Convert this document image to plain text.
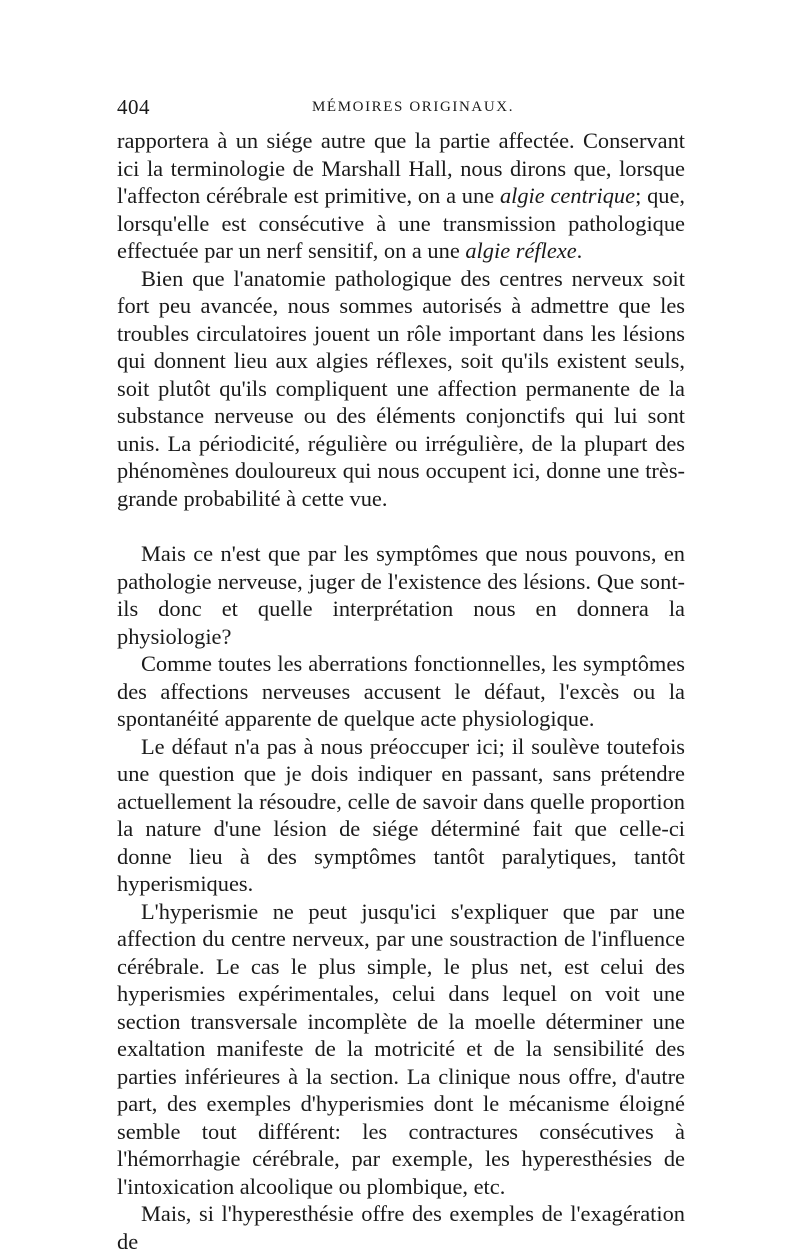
404	MÉMOIRES ORIGINAUX.

rapportera à un siége autre que la partie affectée. Conservant ici la terminologie de Marshall Hall, nous dirons que, lorsque l'affecton cérébrale est primitive, on a une algie centrique; que, lorsqu'elle est consécutive à une transmission pathologique effectuée par un nerf sensitif, on a une algie réflexe.

Bien que l'anatomie pathologique des centres nerveux soit fort peu avancée, nous sommes autorisés à admettre que les troubles circulatoires jouent un rôle important dans les lésions qui donnent lieu aux algies réflexes, soit qu'ils existent seuls, soit plutôt qu'ils compliquent une affection permanente de la substance nerveuse ou des éléments conjonctifs qui lui sont unis. La périodicité, régulière ou irrégulière, de la plupart des phénomènes douloureux qui nous occupent ici, donne une très-grande probabilité à cette vue.

Mais ce n'est que par les symptômes que nous pouvons, en pathologie nerveuse, juger de l'existence des lésions. Que sont-ils donc et quelle interprétation nous en donnera la physiologie?

Comme toutes les aberrations fonctionnelles, les symptômes des affections nerveuses accusent le défaut, l'excès ou la spontanéité apparente de quelque acte physiologique.

Le défaut n'a pas à nous préoccuper ici; il soulève toutefois une question que je dois indiquer en passant, sans prétendre actuellement la résoudre, celle de savoir dans quelle proportion la nature d'une lésion de siége déterminé fait que celle-ci donne lieu à des symptômes tantôt paralytiques, tantôt hyperismiques.

L'hyperismie ne peut jusqu'ici s'expliquer que par une affection du centre nerveux, par une soustraction de l'influence cérébrale. Le cas le plus simple, le plus net, est celui des hyperismies expérimentales, celui dans lequel on voit une section transversale incomplète de la moelle déterminer une exaltation manifeste de la motricité et de la sensibilité des parties inférieures à la section. La clinique nous offre, d'autre part, des exemples d'hyperismies dont le mécanisme éloigné semble tout différent: les contractures consécutives à l'hémorrhagie cérébrale, par exemple, les hyperesthésies de l'intoxication alcoolique ou plombique, etc.

Mais, si l'hyperesthésie offre des exemples de l'exagération de
